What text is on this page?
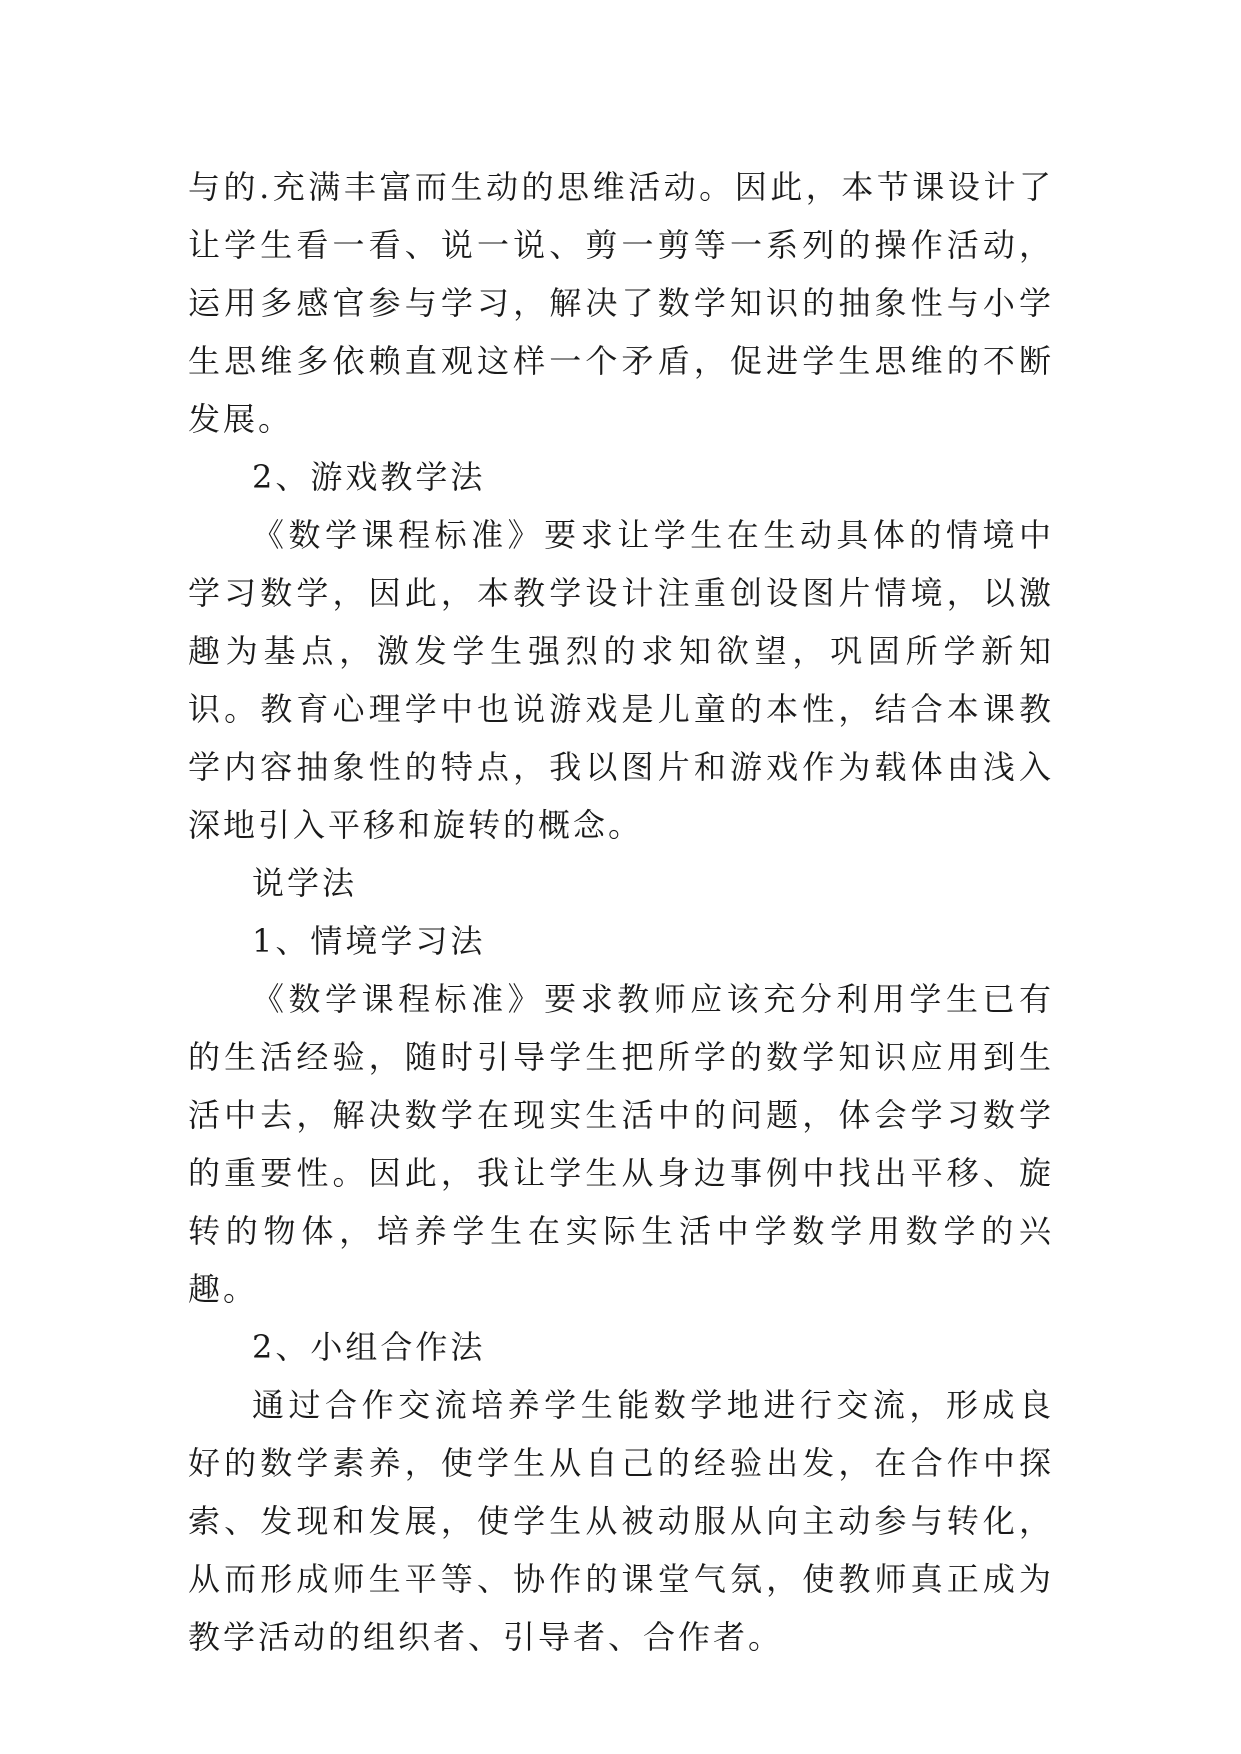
与的.充满丰富而生动的思维活动。因此，本节课设计了让学生看一看、说一说、剪一剪等一系列的操作活动，运用多感官参与学习，解决了数学知识的抽象性与小学生思维多依赖直观这样一个矛盾，促进学生思维的不断发展。

2、游戏教学法

《数学课程标准》要求让学生在生动具体的情境中学习数学，因此，本教学设计注重创设图片情境，以激趣为基点，激发学生强烈的求知欲望，巩固所学新知识。教育心理学中也说游戏是儿童的本性，结合本课教学内容抽象性的特点，我以图片和游戏作为载体由浅入深地引入平移和旋转的概念。

说学法

1、情境学习法

《数学课程标准》要求教师应该充分利用学生已有的生活经验，随时引导学生把所学的数学知识应用到生活中去，解决数学在现实生活中的问题，体会学习数学的重要性。因此，我让学生从身边事例中找出平移、旋转的物体，培养学生在实际生活中学数学用数学的兴趣。

2、小组合作法

通过合作交流培养学生能数学地进行交流，形成良好的数学素养，使学生从自己的经验出发，在合作中探索、发现和发展，使学生从被动服从向主动参与转化，从而形成师生平等、协作的课堂气氛，使教师真正成为教学活动的组织者、引导者、合作者。
